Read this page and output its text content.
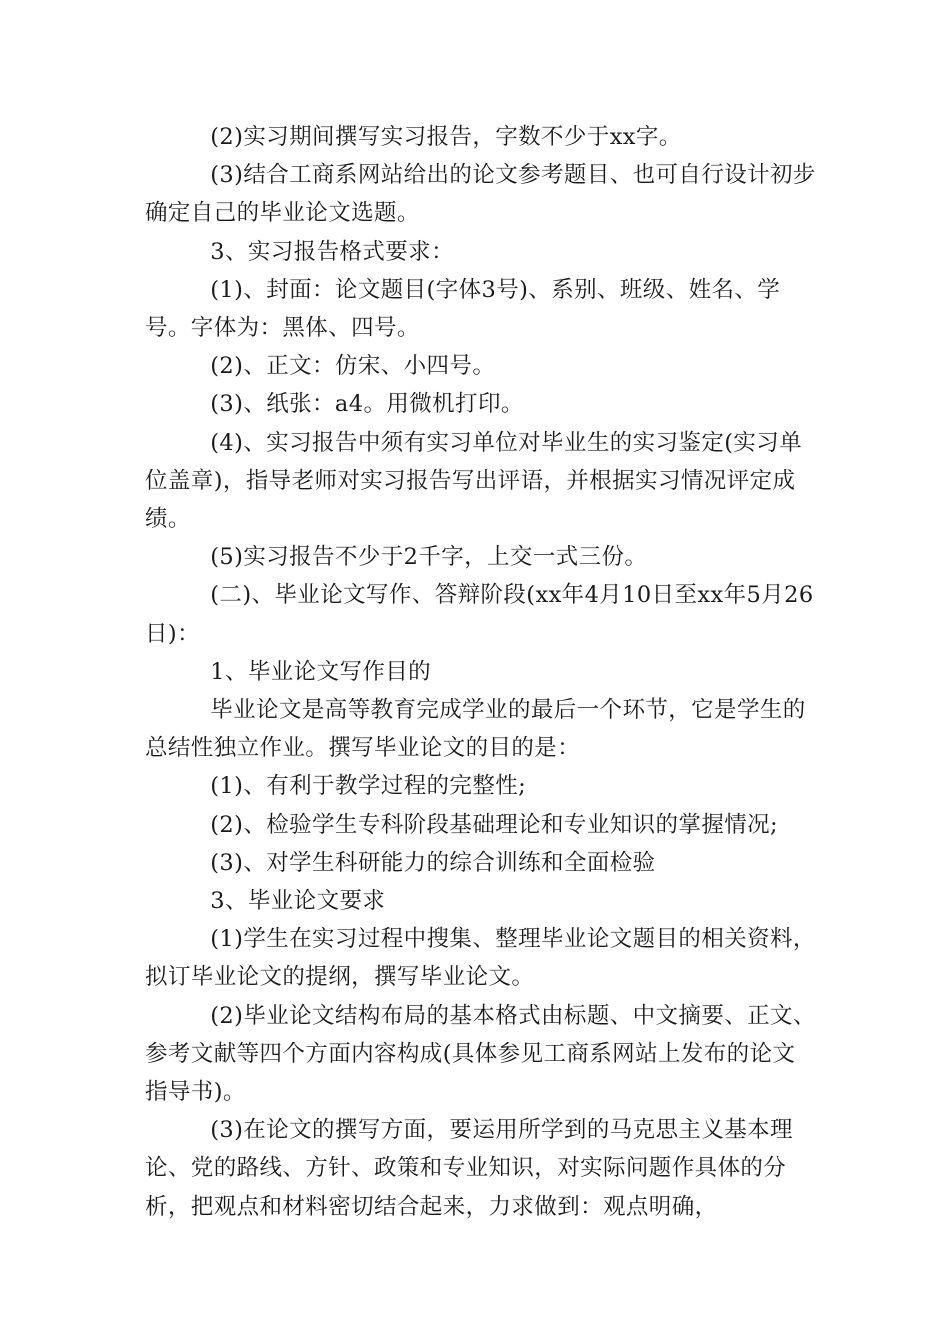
(2)实习期间撰写实习报告，字数不少于xx字。

(3)结合工商系网站给出的论文参考题目、也可自行设计初步确定自己的毕业论文选题。

3、实习报告格式要求：

(1)、封面：论文题目(字体3号)、系别、班级、姓名、学号。字体为：黑体、四号。

(2)、正文：仿宋、小四号。

(3)、纸张：a4。用微机打印。

(4)、实习报告中须有实习单位对毕业生的实习鉴定(实习单位盖章)，指导老师对实习报告写出评语，并根据实习情况评定成绩。

(5)实习报告不少于2千字，上交一式三份。

(二)、毕业论文写作、答辩阶段(xx年4月10日至xx年5月26日)：

1、毕业论文写作目的

毕业论文是高等教育完成学业的最后一个环节，它是学生的总结性独立作业。撰写毕业论文的目的是：

(1)、有利于教学过程的完整性;

(2)、检验学生专科阶段基础理论和专业知识的掌握情况;

(3)、对学生科研能力的综合训练和全面检验

3、毕业论文要求

(1)学生在实习过程中搜集、整理毕业论文题目的相关资料，拟订毕业论文的提纲，撰写毕业论文。

(2)毕业论文结构布局的基本格式由标题、中文摘要、正文、参考文献等四个方面内容构成(具体参见工商系网站上发布的论文指导书)。

(3)在论文的撰写方面，要运用所学到的马克思主义基本理论、党的路线、方针、政策和专业知识，对实际问题作具体的分析，把观点和材料密切结合起来，力求做到：观点明确，
